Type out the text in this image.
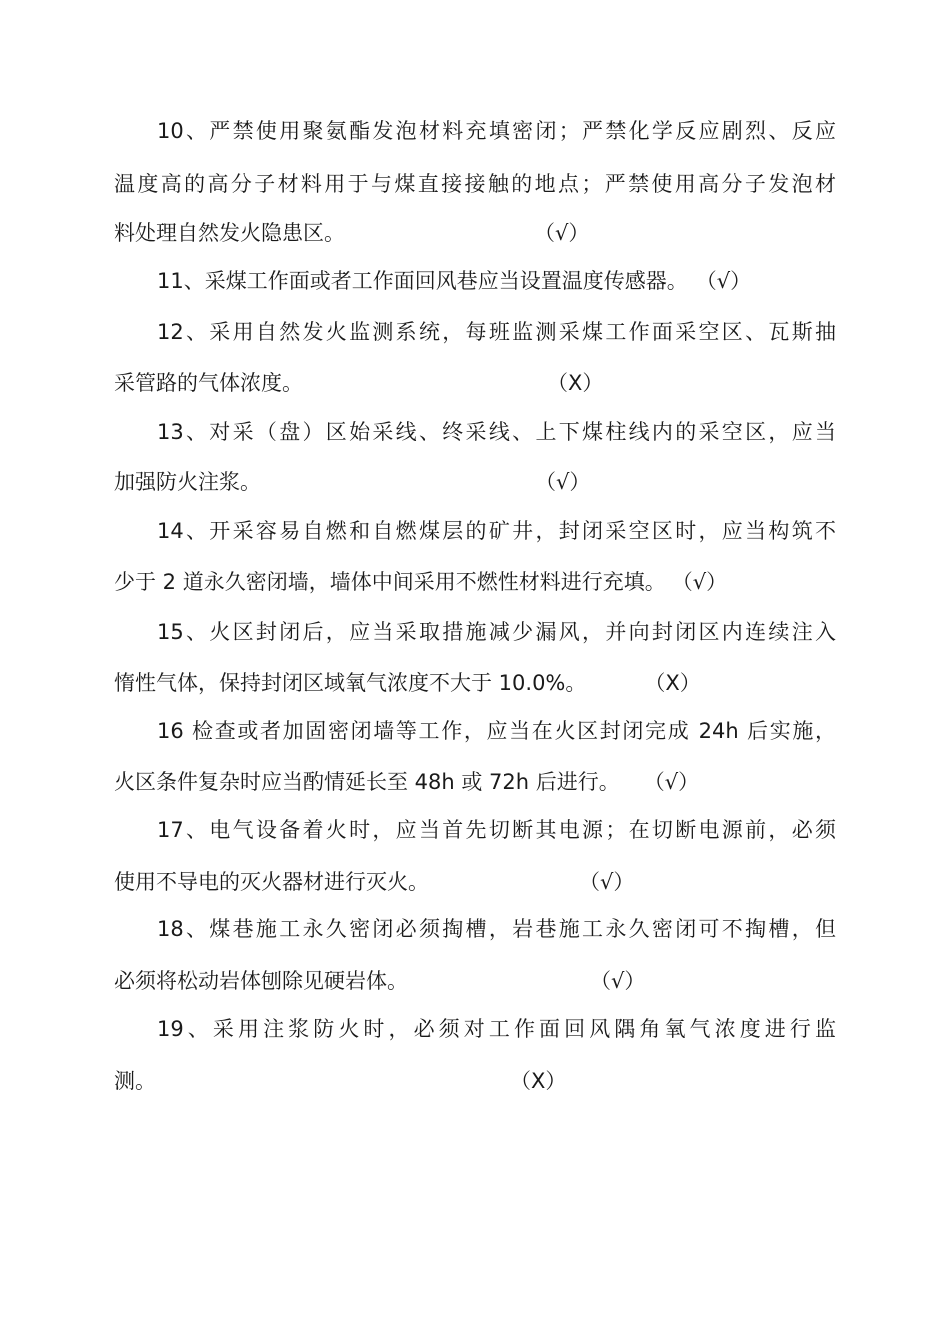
10、严禁使用聚氨酯发泡材料充填密闭；严禁化学反应剧烈、反应
温度高的高分子材料用于与煤直接接触的地点；严禁使用高分子发泡材
料处理自然发火隐患区。	（√）
11、采煤工作面或者工作面回风巷应当设置温度传感器。 （√）
12、采用自然发火监测系统，每班监测采煤工作面采空区、瓦斯抽
采管路的气体浓度。	（X）
13、对采（盘）区始采线、终采线、上下煤柱线内的采空区，应当
加强防火注浆。	（√）
14、开采容易自燃和自燃煤层的矿井，封闭采空区时，应当构筑不
少于 2 道永久密闭墙，墙体中间采用不燃性材料进行充填。 （√）
15、火区封闭后，应当采取措施减少漏风，并向封闭区内连续注入
惰性气体，保持封闭区域氧气浓度不大于 10.0%。	（X）
16 检查或者加固密闭墙等工作，应当在火区封闭完成 24h 后实施，
火区条件复杂时应当酌情延长至 48h 或 72h 后进行。 （√）
17、电气设备着火时，应当首先切断其电源；在切断电源前，必须
使用不导电的灭火器材进行灭火。	（√）
18、煤巷施工永久密闭必须掏槽，岩巷施工永久密闭可不掏槽，但
必须将松动岩体刨除见硬岩体。	（√）
19、采用注浆防火时，必须对工作面回风隅角氧气浓度进行监
测。	（X）
